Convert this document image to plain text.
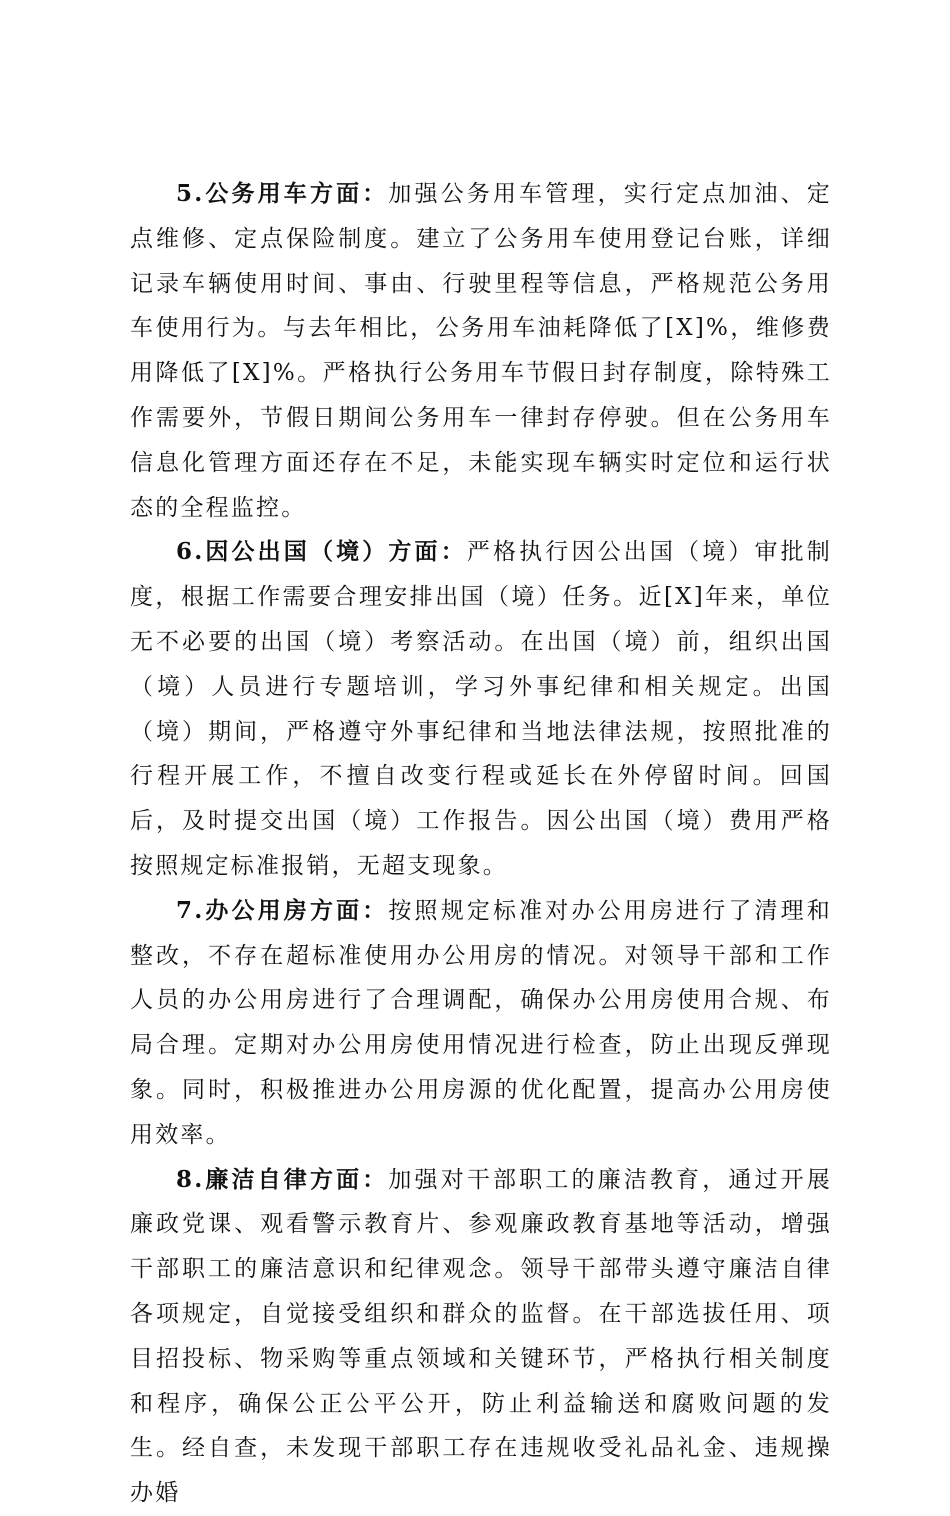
5.公务用车方面：加强公务用车管理，实行定点加油、定点维修、定点保险制度。建立了公务用车使用登记台账，详细记录车辆使用时间、事由、行驶里程等信息，严格规范公务用车使用行为。与去年相比，公务用车油耗降低了[X]%，维修费用降低了[X]%。严格执行公务用车节假日封存制度，除特殊工作需要外，节假日期间公务用车一律封存停驶。但在公务用车信息化管理方面还存在不足，未能实现车辆实时定位和运行状态的全程监控。

6.因公出国（境）方面：严格执行因公出国（境）审批制度，根据工作需要合理安排出国（境）任务。近[X]年来，单位无不必要的出国（境）考察活动。在出国（境）前，组织出国（境）人员进行专题培训，学习外事纪律和相关规定。出国（境）期间，严格遵守外事纪律和当地法律法规，按照批准的行程开展工作，不擅自改变行程或延长在外停留时间。回国后，及时提交出国（境）工作报告。因公出国（境）费用严格按照规定标准报销，无超支现象。

7.办公用房方面：按照规定标准对办公用房进行了清理和整改，不存在超标准使用办公用房的情况。对领导干部和工作人员的办公用房进行了合理调配，确保办公用房使用合规、布局合理。定期对办公用房使用情况进行检查，防止出现反弹现象。同时，积极推进办公用房源的优化配置，提高办公用房使用效率。

8.廉洁自律方面：加强对干部职工的廉洁教育，通过开展廉政党课、观看警示教育片、参观廉政教育基地等活动，增强干部职工的廉洁意识和纪律观念。领导干部带头遵守廉洁自律各项规定，自觉接受组织和群众的监督。在干部选拔任用、项目招投标、物采购等重点领域和关键环节，严格执行相关制度和程序，确保公正公平公开，防止利益输送和腐败问题的发生。经自查，未发现干部职工存在违规收受礼品礼金、违规操办婚
